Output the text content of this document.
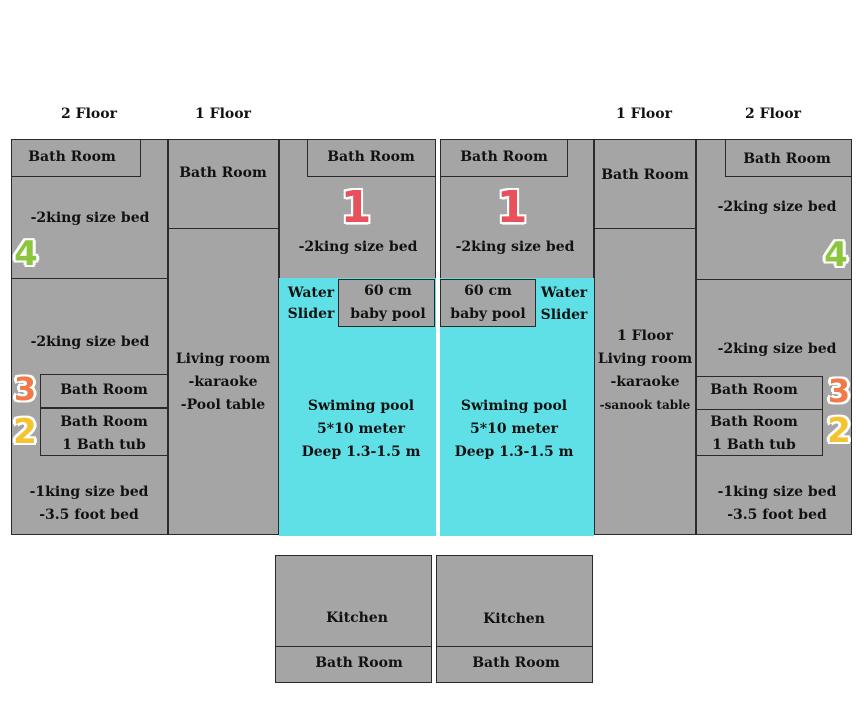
2 Floor	1 Floor	1 Floor	2 Floor
Bath Room
-2king size bed
4
-2king size bed
Bath Room
3
Bath Room
1 Bath tub
2
-1king size bed
-3.5 foot bed
Bath Room
Living room
-karaoke
-Pool table
Bath Room
1
-2king size bed
Water
Slider
60 cm
baby pool
Swiming pool
5*10 meter
Deep 1.3-1.5 m
Kitchen
Bath Room
Bath Room
1
-2king size bed
60 cm
baby pool
Water
Slider
Swiming pool
5*10 meter
Deep 1.3-1.5 m
Kitchen
Bath Room
Bath Room
1 Floor
Living room
-karaoke
-sanook table
Bath Room
-2king size bed
4
-2king size bed
Bath Room 3
Bath Room
1 Bath tub 2
-1king size bed
-3.5 foot bed
